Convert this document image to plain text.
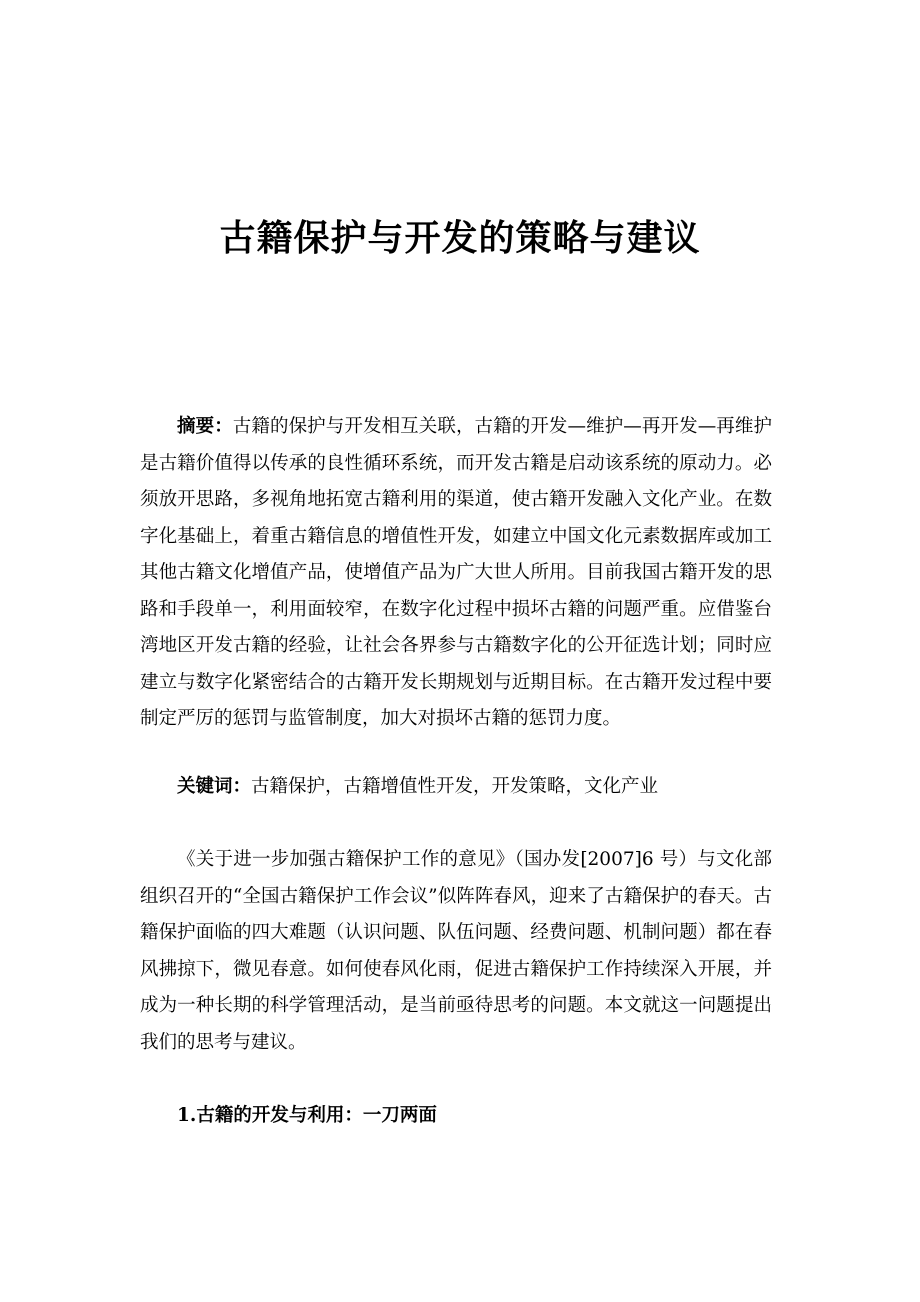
古籍保护与开发的策略与建议

摘要：古籍的保护与开发相互关联，古籍的开发—维护—再开发—再维护是古籍价值得以传承的良性循环系统，而开发古籍是启动该系统的原动力。必须放开思路，多视角地拓宽古籍利用的渠道，使古籍开发融入文化产业。在数字化基础上，着重古籍信息的增值性开发，如建立中国文化元素数据库或加工其他古籍文化增值产品，使增值产品为广大世人所用。目前我国古籍开发的思路和手段单一，利用面较窄，在数字化过程中损坏古籍的问题严重。应借鉴台湾地区开发古籍的经验，让社会各界参与古籍数字化的公开征选计划；同时应建立与数字化紧密结合的古籍开发长期规划与近期目标。在古籍开发过程中要制定严厉的惩罚与监管制度，加大对损坏古籍的惩罚力度。

关键词：古籍保护，古籍增值性开发，开发策略，文化产业

《关于进一步加强古籍保护工作的意见》（国办发[2007]6 号）与文化部组织召开的“全国古籍保护工作会议”似阵阵春风，迎来了古籍保护的春天。古籍保护面临的四大难题（认识问题、队伍问题、经费问题、机制问题）都在春风拂掠下，微见春意。如何使春风化雨，促进古籍保护工作持续深入开展，并成为一种长期的科学管理活动，是当前亟待思考的问题。本文就这一问题提出我们的思考与建议。

1.古籍的开发与利用：一刀两面
